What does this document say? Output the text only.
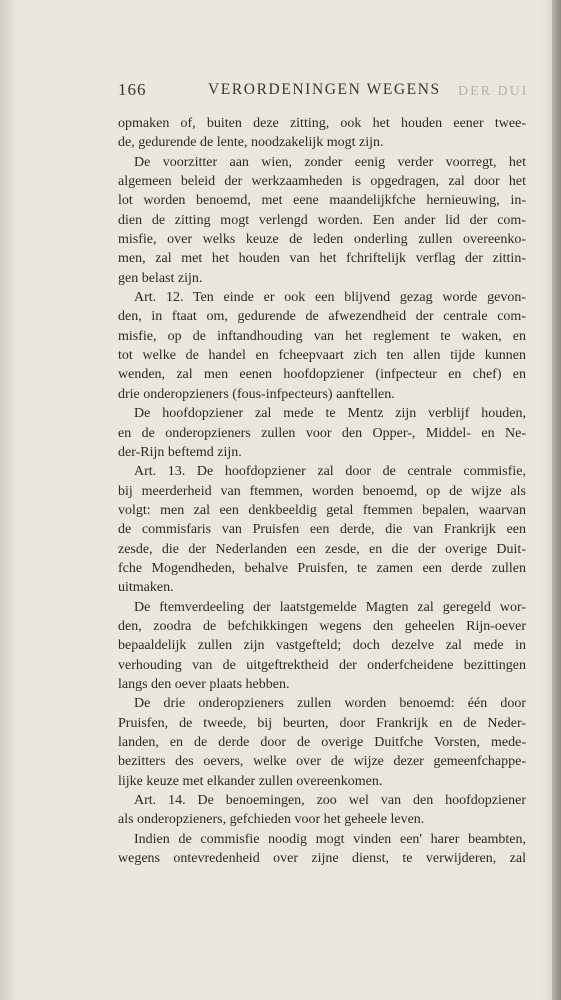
166	VERORDENINGEN WEGENS DER DUI
opmaken of, buiten deze zitting, ook het houden eener twee-
de, gedurende de lente, noodzakelijk mogt zijn.
De voorzitter aan wien, zonder eenig verder voorregt, het
algemeen beleid der werkzaamheden is opgedragen, zal door het
lot worden benoemd, met eene maandelijkfche hernieuwing, in-
dien de zitting mogt verlengd worden. Een ander lid der com-
misfie, over welks keuze de leden onderling zullen overeenko-
men, zal met het houden van het fchriftelijk verflag der zittin-
gen belast zijn.
Art. 12. Ten einde er ook een blijvend gezag worde gevon-
den, in ftaat om, gedurende de afwezendheid der centrale com-
misfie, op de inftandhouding van het reglement te waken, en
tot welke de handel en fcheepvaart zich ten allen tijde kunnen
wenden, zal men eenen hoofdopziener (infpecteur en chef) en
drie onderopzieners (fous-infpecteurs) aanftellen.
De hoofdopziener zal mede te Mentz zijn verblijf houden,
en de onderopzieners zullen voor den Opper-, Middel- en Ne-
der-Rijn beftemd zijn.
Art. 13. De hoofdopziener zal door de centrale commisfie,
bij meerderheid van ftemmen, worden benoemd, op de wijze als
volgt: men zal een denkbeeldig getal ftemmen bepalen, waarvan
de commisfaris van Pruisfen een derde, die van Frankrijk een
zesde, die der Nederlanden een zesde, en die der overige Duit-
fche Mogendheden, behalve Pruisfen, te zamen een derde zullen
uitmaken.
De ftemverdeeling der laatstgemelde Magten zal geregeld wor-
den, zoodra de befchikkingen wegens den geheelen Rijn-oever
bepaaldelijk zullen zijn vastgefteld; doch dezelve zal mede in
verhouding van de uitgeftrektheid der onderfcheidene bezittingen
langs den oever plaats hebben.
De drie onderopzieners zullen worden benoemd: één door
Pruisfen, de tweede, bij beurten, door Frankrijk en de Neder-
landen, en de derde door de overige Duitfche Vorsten, mede-
bezitters des oevers, welke over de wijze dezer gemeenfchappe-
lijke keuze met elkander zullen overeenkomen.
Art. 14. De benoemingen, zoo wel van den hoofdopziener
als onderopzieners, gefchieden voor het geheele leven.
Indien de commisfie noodig mogt vinden een' harer beambten,
wegens ontevredenheid over zijne dienst, te verwijderen, zal
